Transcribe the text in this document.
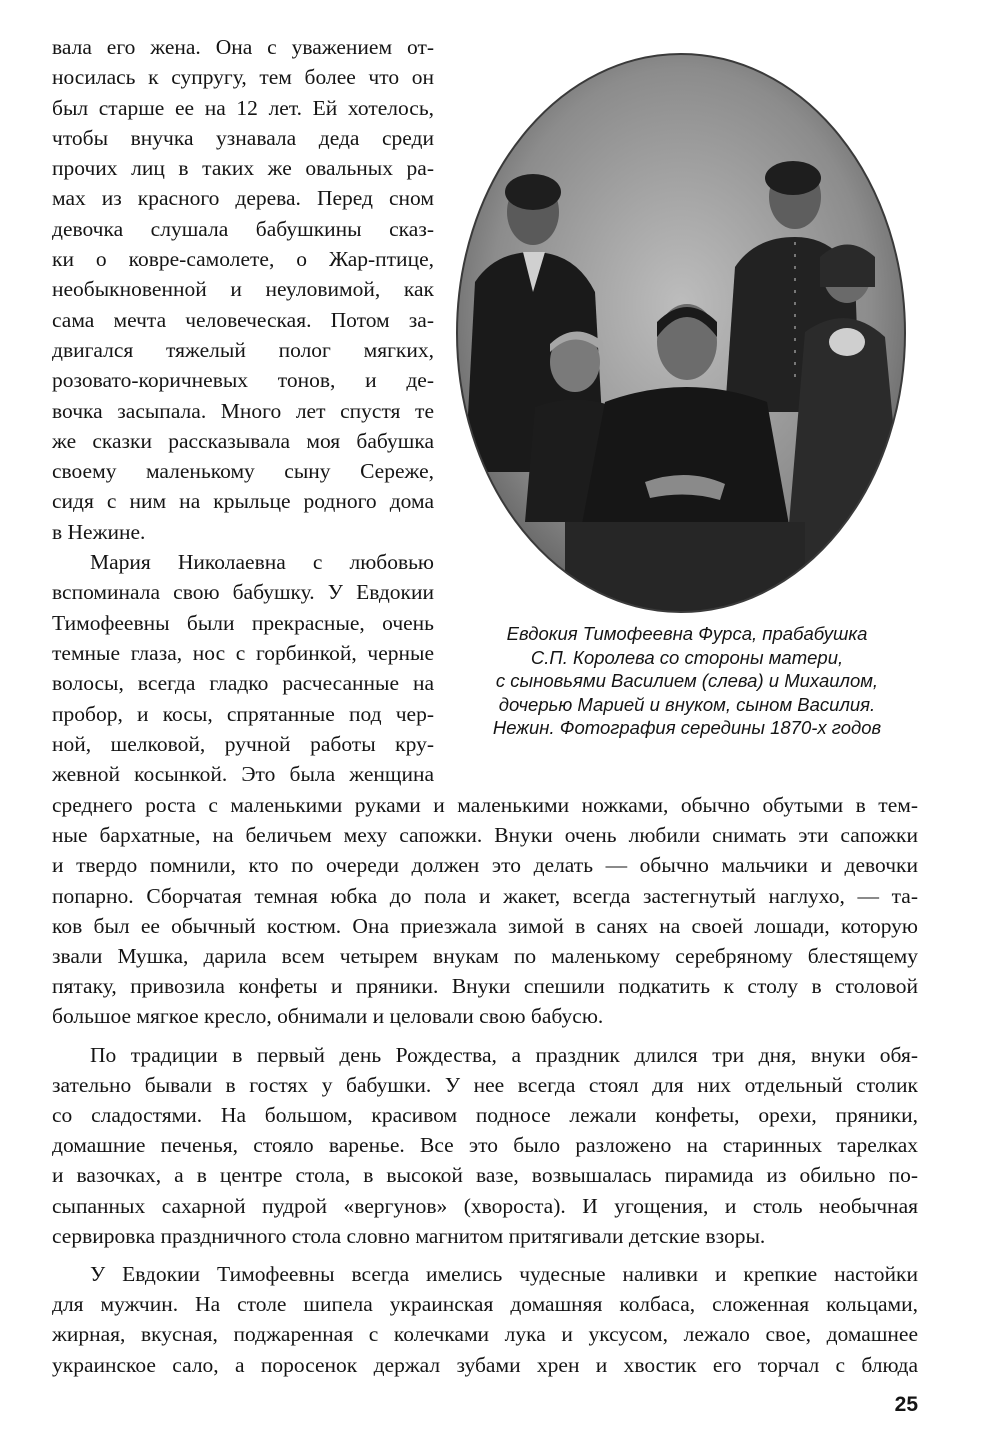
вала его жена. Она с уважением от-

носилась к супругу, тем более что он

был старше ее на 12 лет. Ей хотелось,

чтобы внучка узнавала деда среди

прочих лиц в таких же овальных ра-

мах из красного дерева. Перед сном

девочка слушала бабушкины сказ-

ки о ковре-самолете, о Жар-птице,

необыкновенной и неуловимой, как

сама мечта человеческая. Потом за-

двигался тяжелый полог мягких,

розовато-коричневых тонов, и де-

вочка засыпала. Много лет спустя те

же сказки рассказывала моя бабушка

своему маленькому сыну Сереже,

сидя с ним на крыльце родного дома

в Нежине.

Мария Николаевна с любовью

вспоминала свою бабушку. У Евдокии

Тимофеевны были прекрасные, очень

темные глаза, нос с горбинкой, черные

волосы, всегда гладко расчесанные на

пробор, и косы, спрятанные под чер-

ной, шелковой, ручной работы кру-

жевной косынкой. Это была женщина

Евдокия Тимофеевна Фурса, прабабушка
С.П. Королева со стороны матери,
с сыновьями Василием (слева) и Михаилом,
дочерью Марией и внуком, сыном Василия.
Нежин. Фотография середины 1870-х годов

среднего роста с маленькими руками и маленькими ножками, обычно обутыми в тем-

ные бархатные, на беличьем меху сапожки. Внуки очень любили снимать эти сапожки

и твердо помнили, кто по очереди должен это делать — обычно мальчики и девочки

попарно. Сборчатая темная юбка до пола и жакет, всегда застегнутый наглухо, — та-

ков был ее обычный костюм. Она приезжала зимой в санях на своей лошади, которую

звали Мушка, дарила всем четырем внукам по маленькому серебряному блестящему

пятаку, привозила конфеты и пряники. Внуки спешили подкатить к столу в столовой

большое мягкое кресло, обнимали и целовали свою бабусю.

По традиции в первый день Рождества, а праздник длился три дня, внуки обя-

зательно бывали в гостях у бабушки. У нее всегда стоял для них отдельный столик

со сладостями. На большом, красивом подносе лежали конфеты, орехи, пряники,

домашние печенья, стояло варенье. Все это было разложено на старинных тарелках

и вазочках, а в центре стола, в высокой вазе, возвышалась пирамида из обильно по-

сыпанных сахарной пудрой «вергунов» (хвороста). И угощения, и столь необычная

сервировка праздничного стола словно магнитом притягивали детские взоры.

У Евдокии Тимофеевны всегда имелись чудесные наливки и крепкие настойки

для мужчин. На столе шипела украинская домашняя колбаса, сложенная кольцами,

жирная, вкусная, поджаренная с колечками лука и уксусом, лежало свое, домашнее

украинское сало, а поросенок держал зубами хрен и хвостик его торчал с блюда

25
